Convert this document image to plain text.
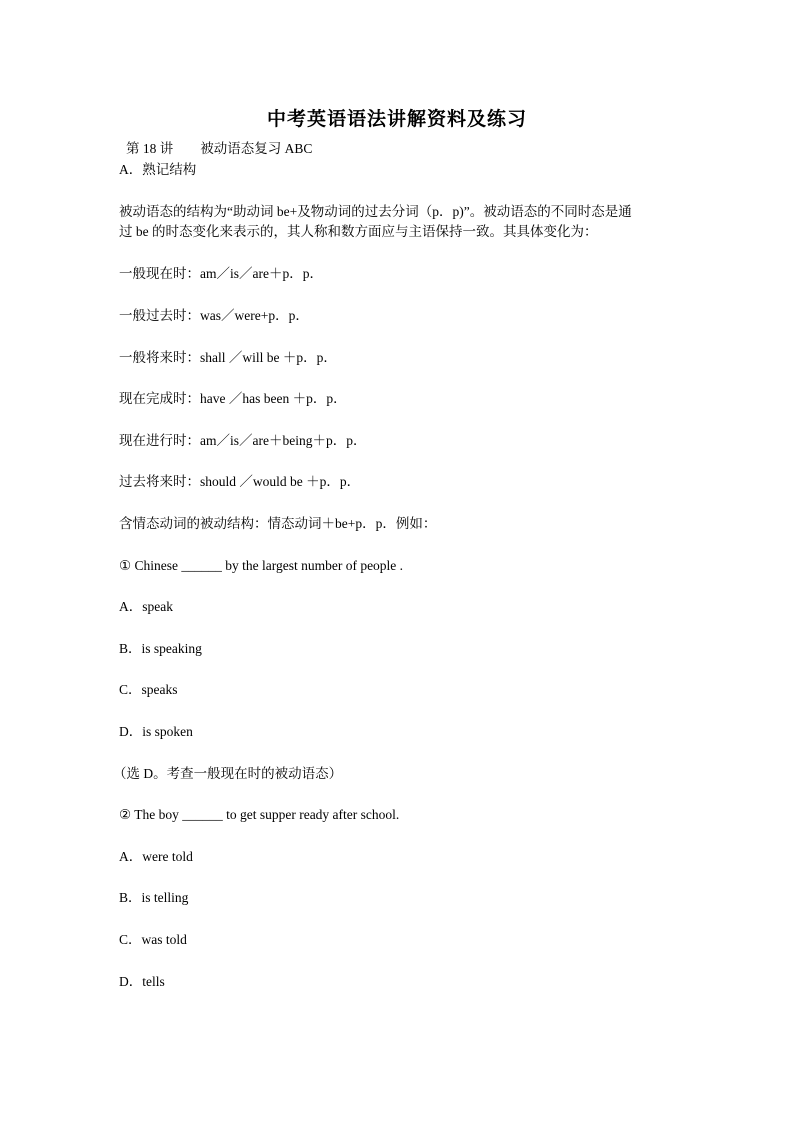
中考英语语法讲解资料及练习
第 18 讲　　被动语态复习 ABC
A．熟记结构
被动语态的结构为“助动词 be+及物动词的过去分词（p．p)”。被动语态的不同时态是通
过 be 的时态变化来表示的，其人称和数方面应与主语保持一致。其具体变化为：
一般现在时：am／is／are＋p．p．
一般过去时：was／were+p．p．
一般将来时：shall ／will be ＋p．p．
现在完成时：have ／has been ＋p．p．
现在进行时：am／is／are＋being＋p．p．
过去将来时：should ／would be ＋p．p．
含情态动词的被动结构：情态动词＋be+p．p．例如：
① Chinese ______ by the largest number of people .
A．speak
B．is speaking
C．speaks
D．is spoken
（选 D。考查一般现在时的被动语态）
② The boy ______ to get supper ready after school.
A．were told
B．is telling
C．was told
D．tells
